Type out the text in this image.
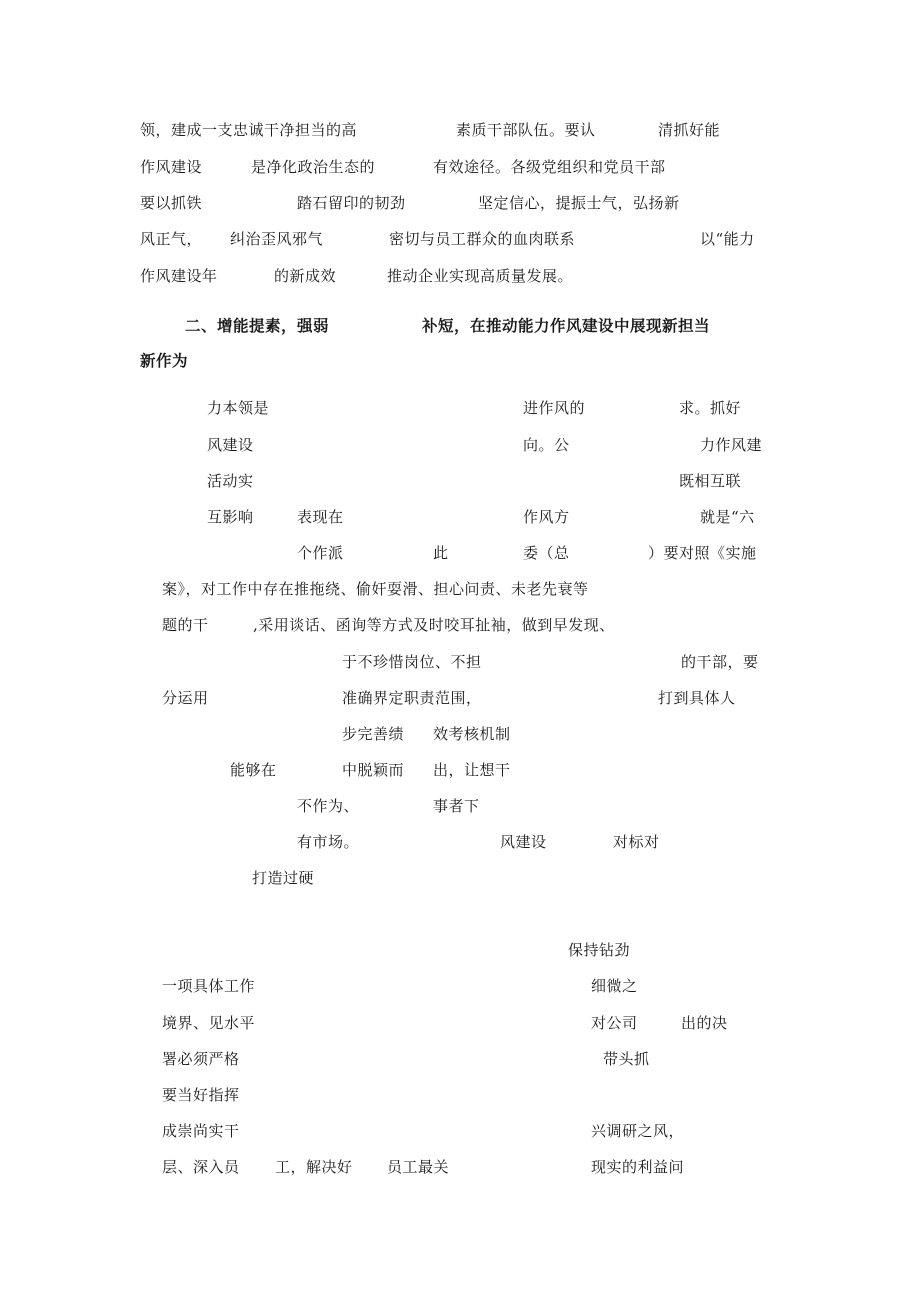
领，建成一支忠诚干净担当的高	素质干部队伍。要认	清抓好能
作风建设	是净化政治生态的	有效途径。各级党组织和党员干部
要以抓铁	踏石留印的韧劲	坚定信心，提振士气，弘扬新
风正气， 纠治歪风邪气	密切与员工群众的血肉联系	以“能力
作风建设年	的新成效	推动企业实现高质量发展。
二、增能提素，强弱	补短，在推动能力作风建设中展现新担当
新作为
力本领是	进作风的	求。抓好
风建设	向。公	力作风建
活动实	既相互联
互影响	表现在	作风方	就是“六
个作派	此	委（总	）要对照《实施
案》，对工作中存在推拖绕、偷奸耍滑、担心问责、未老先衰等
题的干	,采用谈话、函询等方式及时咬耳扯袖，做到早发现、
于不珍惜岗位、不担	的干部，要
分运用	准确界定职责范围，	打到具体人
步完善绩 效考核机制
能够在	中脱颖而 出，让想干
不作为、	事者下
有市场。	风建设	对标对
打造过硬
保持钻劲
一项具体工作	细微之
境界、见水平	对公司	出的决
署必须严格	带头抓
要当好指挥
成崇尚实干	兴调研之风，
层、深入员 工，解决好 员工最关	现实的利益问
